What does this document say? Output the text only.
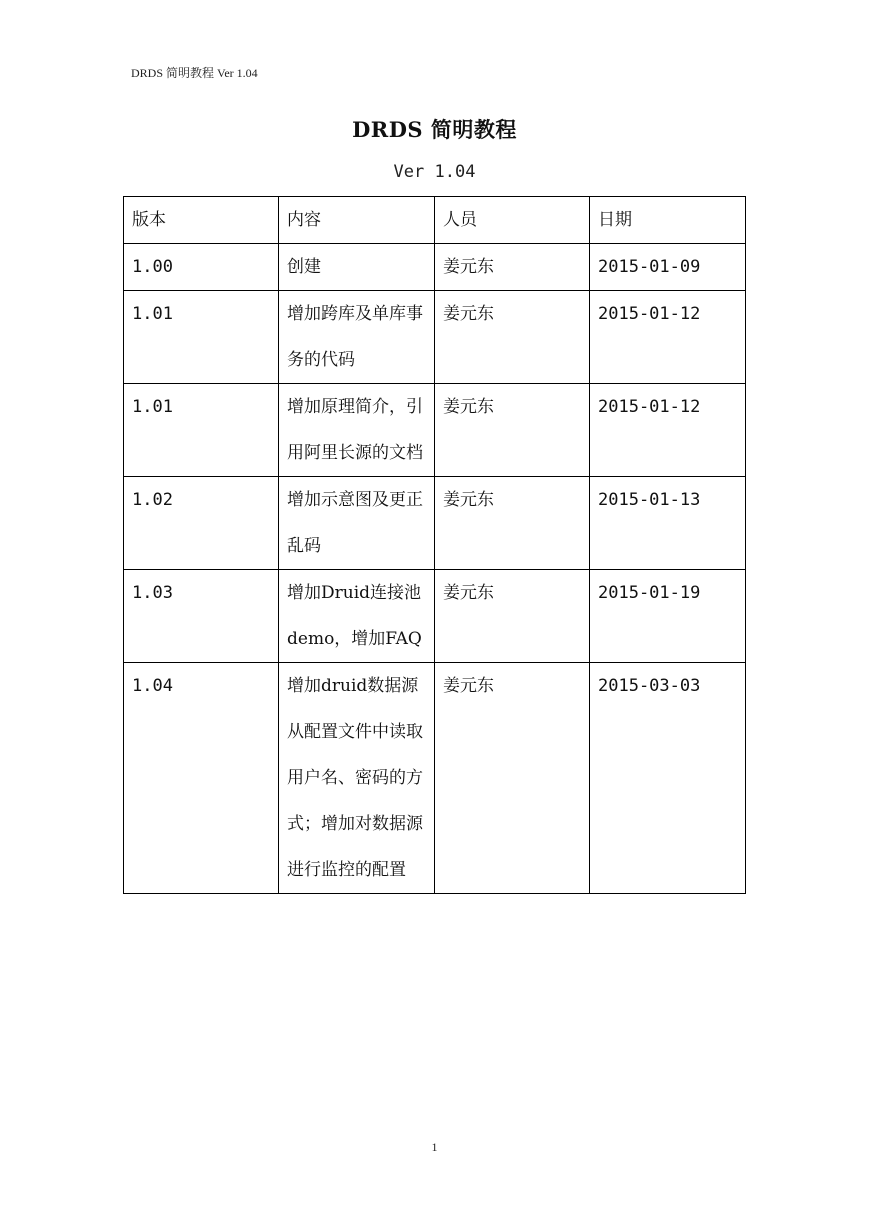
DRDS 简明教程 Ver 1.04
DRDS 简明教程
Ver 1.04
版本	内容	人员	日期
1.00	创建	姜元东	2015-01-09
1.01	增加跨库及单库事务的代码	姜元东	2015-01-12
1.01	增加原理简介，引用阿里长源的文档	姜元东	2015-01-12
1.02	增加示意图及更正乱码	姜元东	2015-01-13
1.03	增加Druid连接池 demo，增加FAQ	姜元东	2015-01-19
1.04	增加druid数据源从配置文件中读取用户名、密码的方式；增加对数据源进行监控的配置	姜元东	2015-03-03
1
